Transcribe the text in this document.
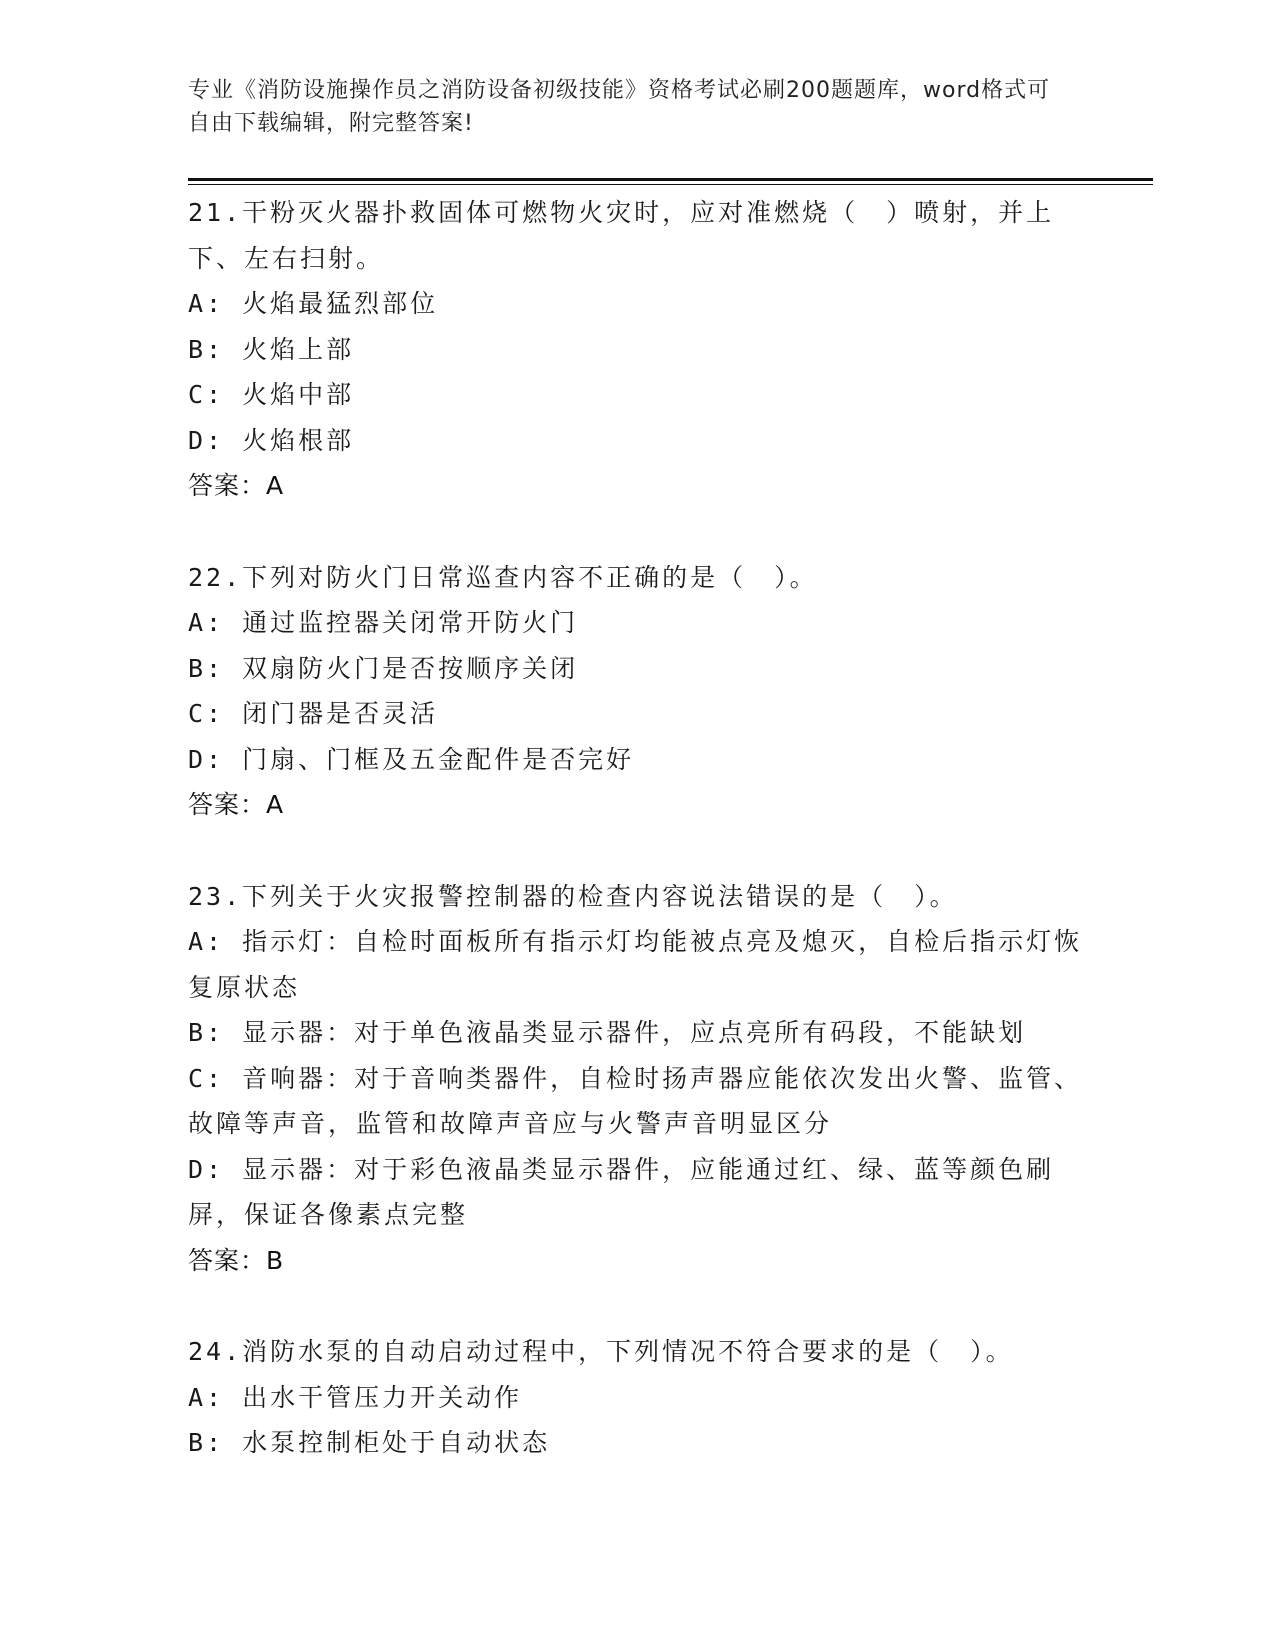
专业《消防设施操作员之消防设备初级技能》资格考试必刷200题题库，word格式可自由下载编辑，附完整答案!
21.干粉灭火器扑救固体可燃物火灾时，应对准燃烧（　）喷射，并上下、左右扫射。
A: 火焰最猛烈部位
B: 火焰上部
C: 火焰中部
D: 火焰根部
答案：A
22.下列对防火门日常巡查内容不正确的是（　）。
A: 通过监控器关闭常开防火门
B: 双扇防火门是否按顺序关闭
C: 闭门器是否灵活
D: 门扇、门框及五金配件是否完好
答案：A
23.下列关于火灾报警控制器的检查内容说法错误的是（　）。
A: 指示灯：自检时面板所有指示灯均能被点亮及熄灭，自检后指示灯恢复原状态
B: 显示器：对于单色液晶类显示器件，应点亮所有码段，不能缺划
C: 音响器：对于音响类器件，自检时扬声器应能依次发出火警、监管、故障等声音，监管和故障声音应与火警声音明显区分
D: 显示器：对于彩色液晶类显示器件，应能通过红、绿、蓝等颜色刷屏，保证各像素点完整
答案：B
24.消防水泵的自动启动过程中，下列情况不符合要求的是（　）。
A: 出水干管压力开关动作
B: 水泵控制柜处于自动状态
